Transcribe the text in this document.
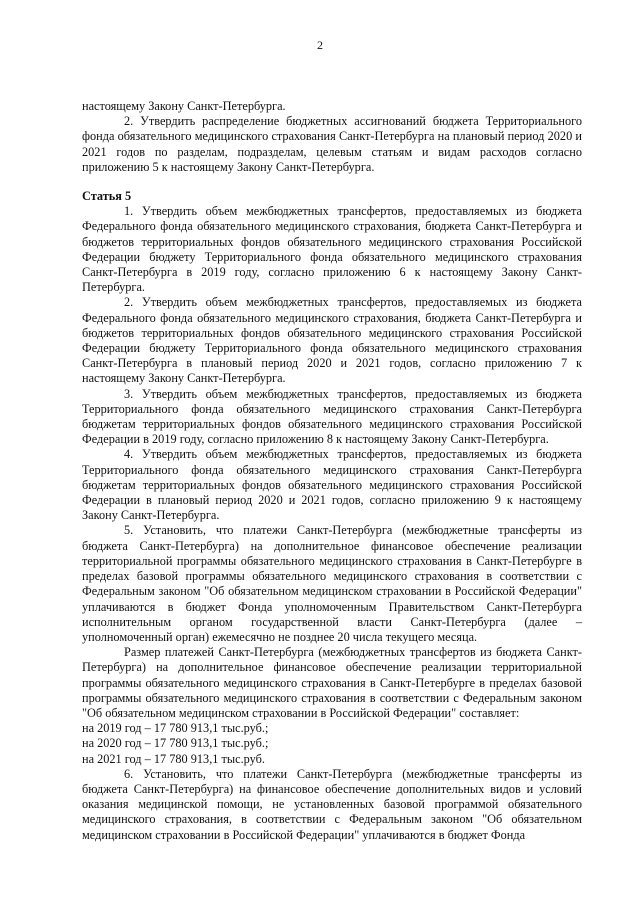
2

настоящему Закону Санкт-Петербурга.

2. Утвердить распределение бюджетных ассигнований бюджета Территориального фонда обязательного медицинского страхования Санкт-Петербурга на плановый период 2020 и 2021 годов по разделам, подразделам, целевым статьям и видам расходов согласно приложению 5 к настоящему Закону Санкт-Петербурга.

Статья 5

1. Утвердить объем межбюджетных трансфертов, предоставляемых из бюджета Федерального фонда обязательного медицинского страхования, бюджета Санкт-Петербурга и бюджетов территориальных фондов обязательного медицинского страхования Российской Федерации бюджету Территориального фонда обязательного медицинского страхования Санкт-Петербурга в 2019 году, согласно приложению 6 к настоящему Закону Санкт-Петербурга.

2. Утвердить объем межбюджетных трансфертов, предоставляемых из бюджета Федерального фонда обязательного медицинского страхования, бюджета Санкт-Петербурга и бюджетов территориальных фондов обязательного медицинского страхования Российской Федерации бюджету Территориального фонда обязательного медицинского страхования Санкт-Петербурга в плановый период 2020 и 2021 годов, согласно приложению 7 к настоящему Закону Санкт-Петербурга.

3. Утвердить объем межбюджетных трансфертов, предоставляемых из бюджета Территориального фонда обязательного медицинского страхования Санкт-Петербурга бюджетам территориальных фондов обязательного медицинского страхования Российской Федерации в 2019 году, согласно приложению 8 к настоящему Закону Санкт-Петербурга.

4. Утвердить объем межбюджетных трансфертов, предоставляемых из бюджета Территориального фонда обязательного медицинского страхования Санкт-Петербурга бюджетам территориальных фондов обязательного медицинского страхования Российской Федерации в плановый период 2020 и 2021 годов, согласно приложению 9 к настоящему Закону Санкт-Петербурга.

5. Установить, что платежи Санкт-Петербурга (межбюджетные трансферты из бюджета Санкт-Петербурга) на дополнительное финансовое обеспечение реализации территориальной программы обязательного медицинского страхования в Санкт-Петербурге в пределах базовой программы обязательного медицинского страхования в соответствии с Федеральным законом "Об обязательном медицинском страховании в Российской Федерации" уплачиваются в бюджет Фонда уполномоченным Правительством Санкт-Петербурга исполнительным органом государственной власти Санкт-Петербурга (далее – уполномоченный орган) ежемесячно не позднее 20 числа текущего месяца.

Размер платежей Санкт-Петербурга (межбюджетных трансфертов из бюджета Санкт-Петербурга) на дополнительное финансовое обеспечение реализации территориальной программы обязательного медицинского страхования в Санкт-Петербурге в пределах базовой программы обязательного медицинского страхования в соответствии с Федеральным законом "Об обязательном медицинском страховании в Российской Федерации" составляет:

на 2019 год – 17 780 913,1 тыс.руб.;

на 2020 год – 17 780 913,1 тыс.руб.;

на 2021 год – 17 780 913,1 тыс.руб.

6. Установить, что платежи Санкт-Петербурга (межбюджетные трансферты из бюджета Санкт-Петербурга) на финансовое обеспечение дополнительных видов и условий оказания медицинской помощи, не установленных базовой программой обязательного медицинского страхования, в соответствии с Федеральным законом "Об обязательном медицинском страховании в Российской Федерации" уплачиваются в бюджет Фонда
